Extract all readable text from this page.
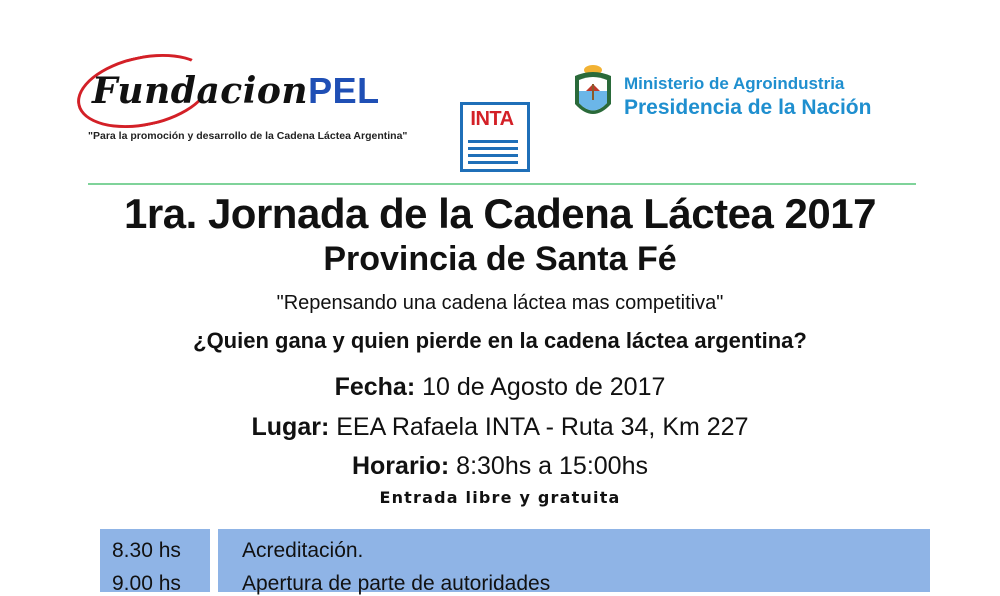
FundacionPEL
"Para la promoción y desarrollo de la Cadena Láctea Argentina"
INTA
Ministerio de Agroindustria
Presidencia de la Nación
1ra. Jornada de la Cadena Láctea 2017
Provincia de Santa Fé
"Repensando una cadena láctea mas competitiva"
¿Quien gana y quien pierde en la cadena láctea argentina?
Fecha: 10 de Agosto de 2017
Lugar: EEA Rafaela INTA - Ruta 34, Km 227
Horario: 8:30hs a 15:00hs
Entrada libre y gratuita
8.30 hs
9.00 hs
Acreditación.
Apertura de parte de autoridades
